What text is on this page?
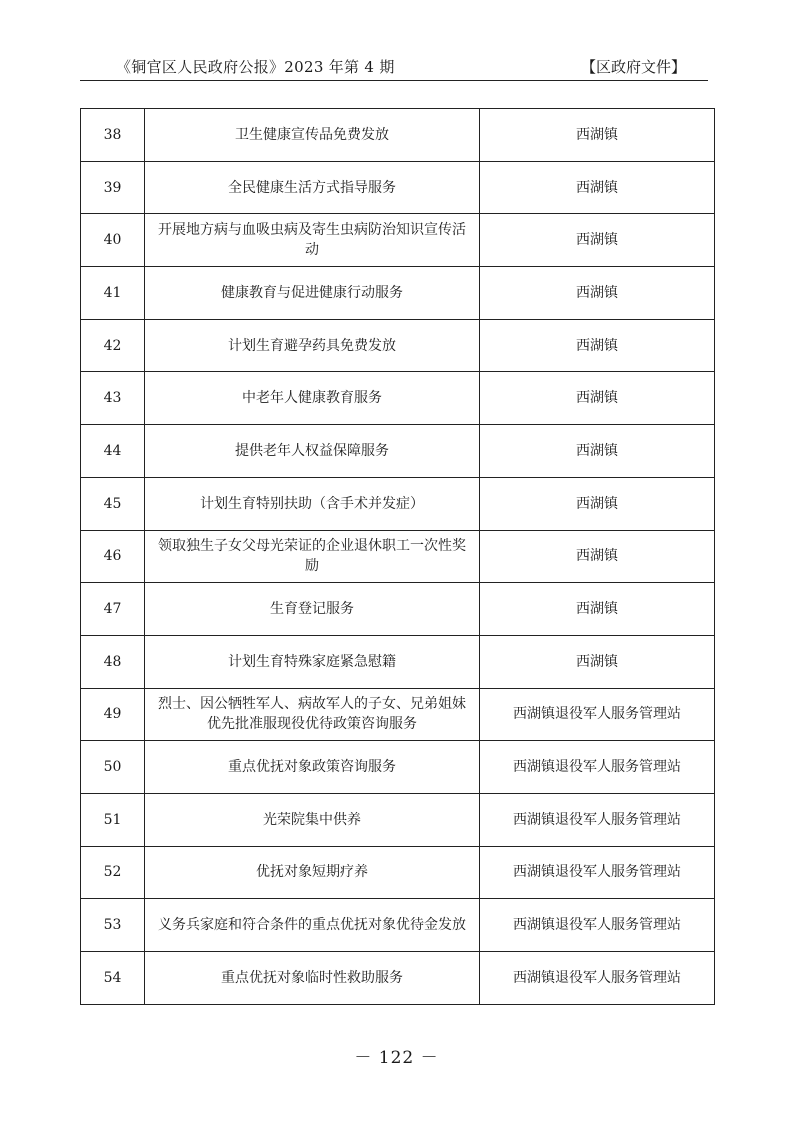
《铜官区人民政府公报》2023 年第 4 期	【区政府文件】
38	卫生健康宣传品免费发放	西湖镇
39	全民健康生活方式指导服务	西湖镇
40	开展地方病与血吸虫病及寄生虫病防治知识宣传活动	西湖镇
41	健康教育与促进健康行动服务	西湖镇
42	计划生育避孕药具免费发放	西湖镇
43	中老年人健康教育服务	西湖镇
44	提供老年人权益保障服务	西湖镇
45	计划生育特别扶助（含手术并发症）	西湖镇
46	领取独生子女父母光荣证的企业退休职工一次性奖励	西湖镇
47	生育登记服务	西湖镇
48	计划生育特殊家庭紧急慰籍	西湖镇
49	烈士、因公牺牲军人、病故军人的子女、兄弟姐妹优先批准服现役优待政策咨询服务	西湖镇退役军人服务管理站
50	重点优抚对象政策咨询服务	西湖镇退役军人服务管理站
51	光荣院集中供养	西湖镇退役军人服务管理站
52	优抚对象短期疗养	西湖镇退役军人服务管理站
53	义务兵家庭和符合条件的重点优抚对象优待金发放	西湖镇退役军人服务管理站
54	重点优抚对象临时性救助服务	西湖镇退役军人服务管理站
－ 122 －
